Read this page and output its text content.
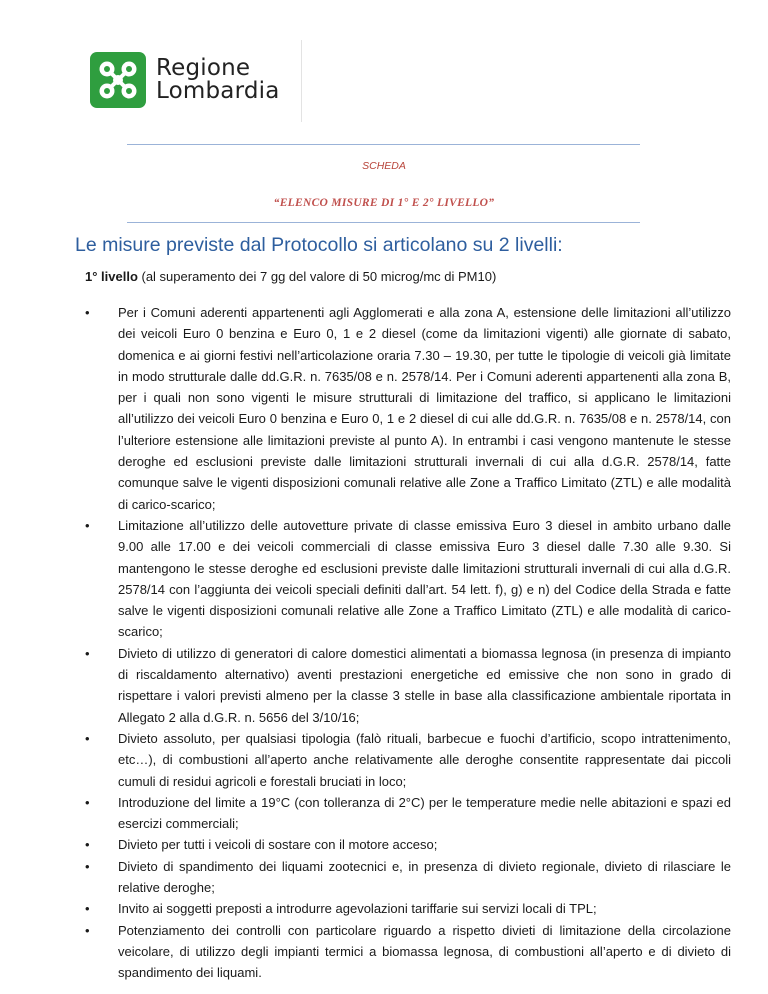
Regione
Lombardia
SCHEDA
“ELENCO MISURE DI 1° E 2° LIVELLO”
Le misure previste dal Protocollo si articolano su 2 livelli:
1° livello (al superamento dei 7 gg del valore di 50 microg/mc di PM10)
• Per i Comuni aderenti appartenenti agli Agglomerati e alla zona A, estensione delle limitazioni all’utilizzo dei veicoli Euro 0 benzina e Euro 0, 1 e 2 diesel (come da limitazioni vigenti) alle giornate di sabato, domenica e ai giorni festivi nell’articolazione oraria 7.30 – 19.30, per tutte le tipologie di veicoli già limitate in modo strutturale dalle dd.G.R. n. 7635/08 e n. 2578/14. Per i Comuni aderenti appartenenti alla zona B, per i quali non sono vigenti le misure strutturali di limitazione del traffico, si applicano le limitazioni all’utilizzo dei veicoli Euro 0 benzina e Euro 0, 1 e 2 diesel di cui alle dd.G.R. n. 7635/08 e n. 2578/14, con l’ulteriore estensione alle limitazioni previste al punto A). In entrambi i casi vengono mantenute le stesse deroghe ed esclusioni previste dalle limitazioni strutturali invernali di cui alla d.G.R. 2578/14, fatte comunque salve le vigenti disposizioni comunali relative alle Zone a Traffico Limitato (ZTL) e alle modalità di carico-scarico;
• Limitazione all’utilizzo delle autovetture private di classe emissiva Euro 3 diesel in ambito urbano dalle 9.00 alle 17.00 e dei veicoli commerciali di classe emissiva Euro 3 diesel dalle 7.30 alle 9.30. Si mantengono le stesse deroghe ed esclusioni previste dalle limitazioni strutturali invernali di cui alla d.G.R. 2578/14 con l’aggiunta dei veicoli speciali definiti dall’art. 54 lett. f), g) e n) del Codice della Strada e fatte salve le vigenti disposizioni comunali relative alle Zone a Traffico Limitato (ZTL) e alle modalità di carico-scarico;
• Divieto di utilizzo di generatori di calore domestici alimentati a biomassa legnosa (in presenza di impianto di riscaldamento alternativo) aventi prestazioni energetiche ed emissive che non sono in grado di rispettare i valori previsti almeno per la classe 3 stelle in base alla classificazione ambientale riportata in Allegato 2 alla d.G.R. n. 5656 del 3/10/16;
• Divieto assoluto, per qualsiasi tipologia (falò rituali, barbecue e fuochi d’artificio, scopo intrattenimento, etc…), di combustioni all’aperto anche relativamente alle deroghe consentite rappresentate dai piccoli cumuli di residui agricoli e forestali bruciati in loco;
• Introduzione del limite a 19°C (con tolleranza di 2°C) per le temperature medie nelle abitazioni e spazi ed esercizi commerciali;
• Divieto per tutti i veicoli di sostare con il motore acceso;
• Divieto di spandimento dei liquami zootecnici e, in presenza di divieto regionale, divieto di rilasciare le relative deroghe;
• Invito ai soggetti preposti a introdurre agevolazioni tariffarie sui servizi locali di TPL;
• Potenziamento dei controlli con particolare riguardo a rispetto divieti di limitazione della circolazione veicolare, di utilizzo degli impianti termici a biomassa legnosa, di combustioni all’aperto e di divieto di spandimento dei liquami.
